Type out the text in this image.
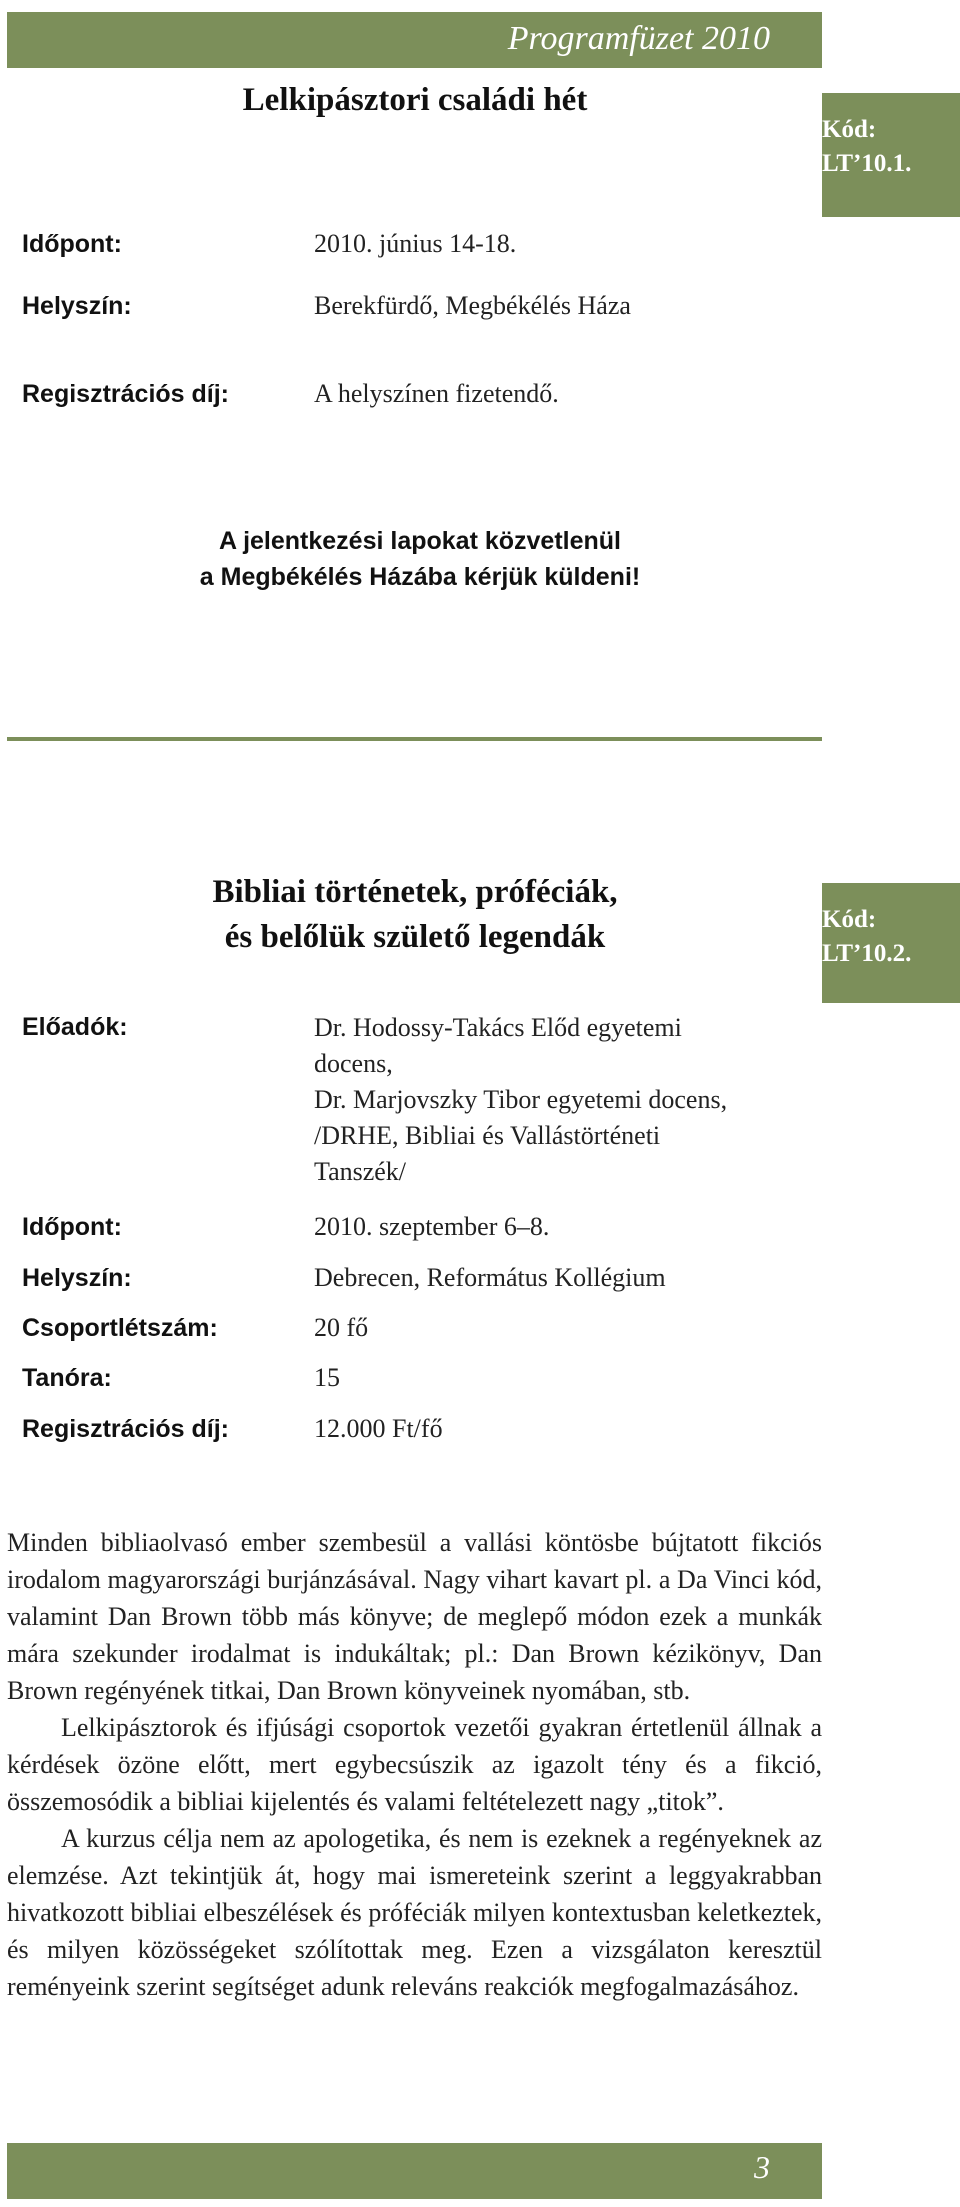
Programfüzet 2010
Lelkipásztori családi hét
Kód:
LT’10.1.
Időpont:	2010. június 14-18.
Helyszín:	Berekfürdő, Megbékélés Háza
Regisztrációs díj:	A helyszínen fizetendő.
A jelentkezési lapokat közvetlenül
a Megbékélés Házába kérjük küldeni!
Bibliai történetek, próféciák,
és belőlük születő legendák	Kód:
LT’10.2.
Előadók:	Dr. Hodossy-Takács Előd egyetemi

docens,

Dr. Marjovszky Tibor egyetemi docens,

/DRHE, Bibliai és Vallástörténeti

Tanszék/

Időpont:	2010. szeptember 6–8.
Helyszín:	Debrecen, Református Kollégium
Csoportlétszám:	20 fő
Tanóra:	15
Regisztrációs díj:	12.000 Ft/fő

Minden bibliaolvasó ember szembesül a vallási köntösbe bújtatott fikciós irodalom magyarországi burjánzásával. Nagy vihart kavart pl. a Da Vinci kód, valamint Dan Brown több más könyve; de meglepő módon ezek a munkák mára szekunder irodalmat is indukáltak; pl.: Dan Brown kézikönyv, Dan Brown regényének titkai, Dan Brown könyveinek nyomában, stb.

Lelkipásztorok és ifjúsági csoportok vezetői gyakran értetlenül állnak a kérdések özöne előtt, mert egybecsúszik az igazolt tény és a fikció, összemosódik a bibliai kijelentés és valami feltételezett nagy „titok”.

A kurzus célja nem az apologetika, és nem is ezeknek a regényeknek az elemzése. Azt tekintjük át, hogy mai ismereteink szerint a leggyakrabban hivatkozott bibliai elbeszélések és próféciák milyen kontextusban keletkeztek, és milyen közösségeket szólítottak meg. Ezen a vizsgálaton keresztül reményeink szerint segítséget adunk releváns reakciók megfogalmazásához.

3
